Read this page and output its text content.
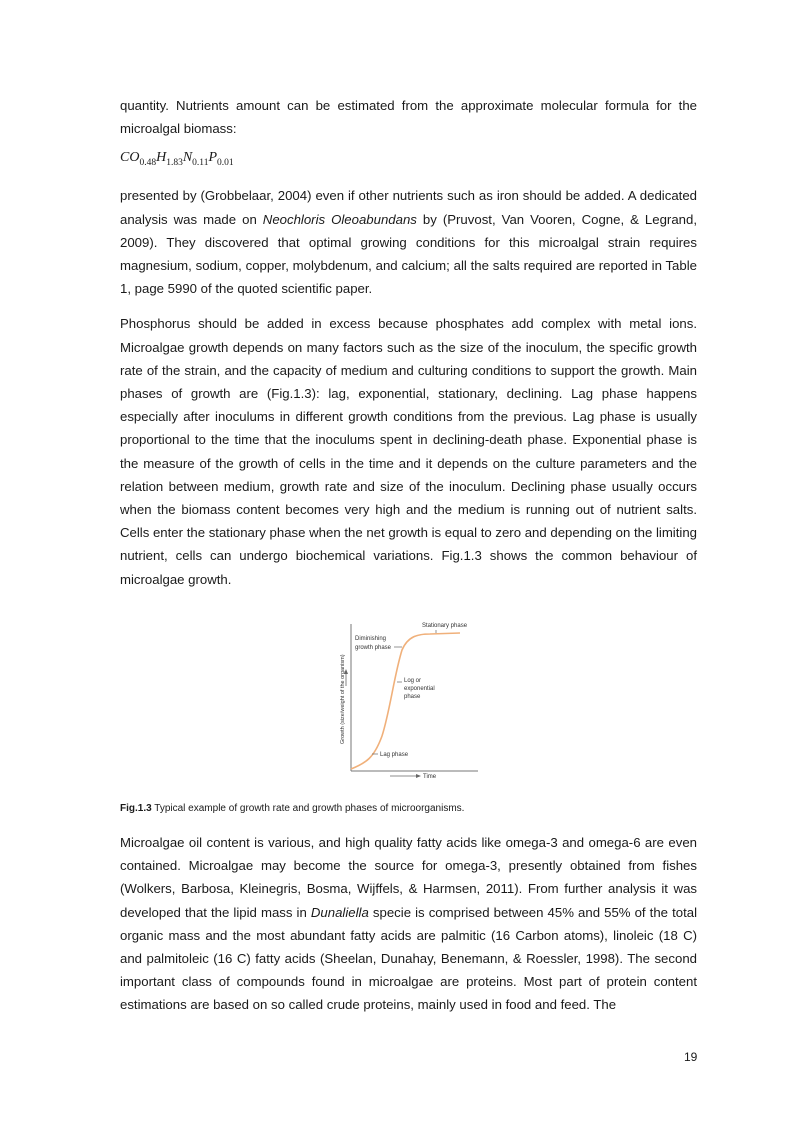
quantity. Nutrients amount can be estimated from the approximate molecular formula for the microalgal biomass:

$CO_{0.48}H_{1.83}N_{0.11}P_{0.01}$

presented by (Grobbelaar, 2004) even if other nutrients such as iron should be added. A dedicated analysis was made on Neochloris Oleoabundans by (Pruvost, Van Vooren, Cogne, & Legrand, 2009). They discovered that optimal growing conditions for this microalgal strain requires magnesium, sodium, copper, molybdenum, and calcium; all the salts required are reported in Table 1, page 5990 of the quoted scientific paper.

Phosphorus should be added in excess because phosphates add complex with metal ions. Microalgae growth depends on many factors such as the size of the inoculum, the specific growth rate of the strain, and the capacity of medium and culturing conditions to support the growth. Main phases of growth are (Fig.1.3): lag, exponential, stationary, declining. Lag phase happens especially after inoculums in different growth conditions from the previous. Lag phase is usually proportional to the time that the inoculums spent in declining-death phase. Exponential phase is the measure of the growth of cells in the time and it depends on the culture parameters and the relation between medium, growth rate and size of the inoculum. Declining phase usually occurs when the biomass content becomes very high and the medium is running out of nutrient salts. Cells enter the stationary phase when the net growth is equal to zero and depending on the limiting nutrient, cells can undergo biochemical variations. Fig.1.3 shows the common behaviour of microalgae growth.

Stationary phase
Diminishing
growth phase
Log or
exponential
phase
Lag phase
Time
Growth (size/weight of the organism)
Fig.1.3 Typical example of growth rate and growth phases of microorganisms.

Microalgae oil content is various, and high quality fatty acids like omega-3 and omega-6 are even contained. Microalgae may become the source for omega-3, presently obtained from fishes (Wolkers, Barbosa, Kleinegris, Bosma, Wijffels, & Harmsen, 2011). From further analysis it was developed that the lipid mass in Dunaliella specie is comprised between 45% and 55% of the total organic mass and the most abundant fatty acids are palmitic (16 Carbon atoms), linoleic (18 C) and palmitoleic (16 C) fatty acids (Sheelan, Dunahay, Benemann, & Roessler, 1998). The second important class of compounds found in microalgae are proteins. Most part of protein content estimations are based on so called crude proteins, mainly used in food and feed. The

19
